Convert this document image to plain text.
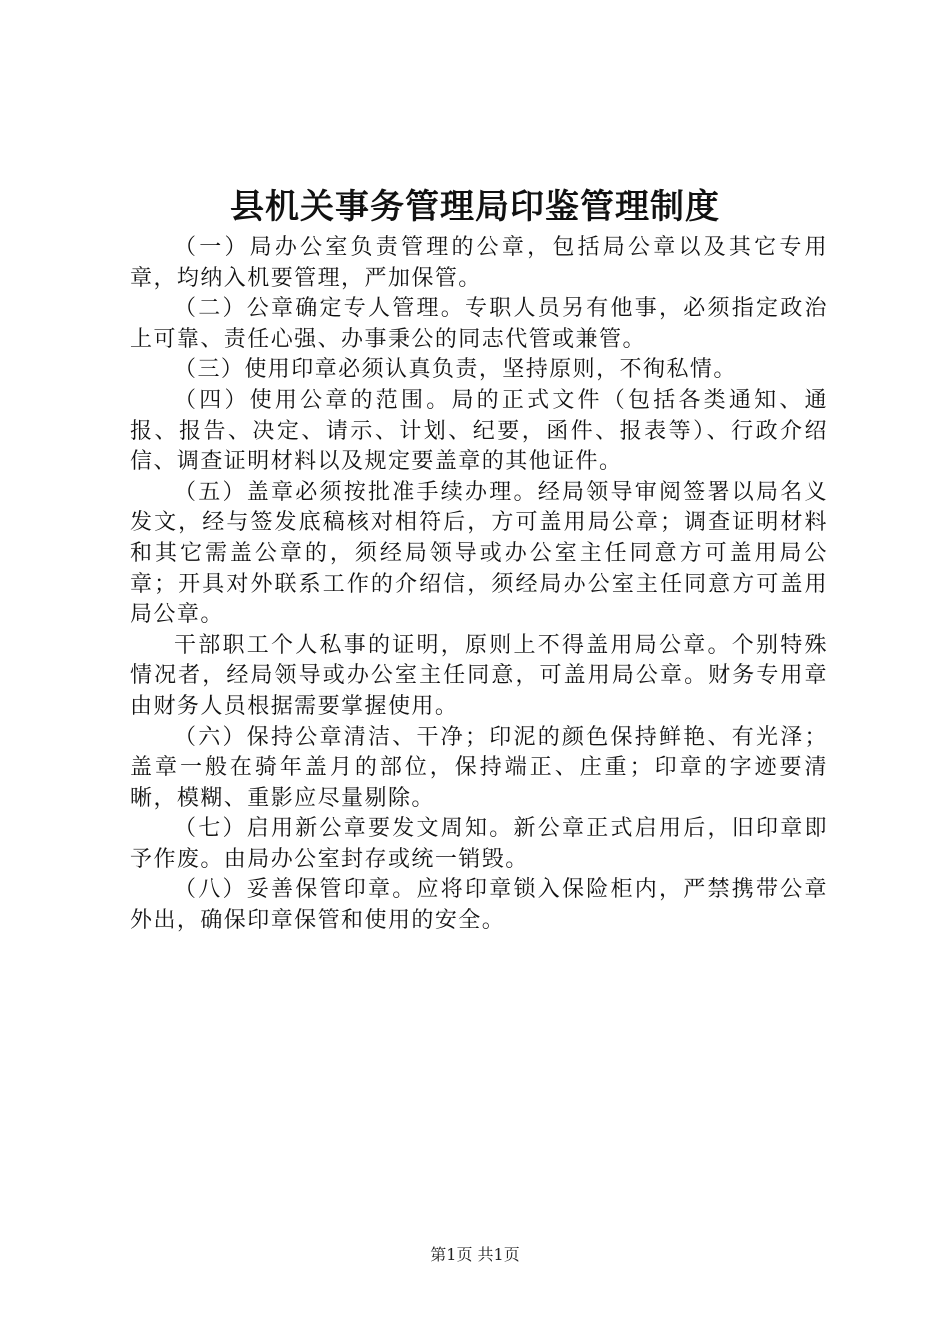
县机关事务管理局印鉴管理制度

（一）局办公室负责管理的公章，包括局公章以及其它专用章，均纳入机要管理，严加保管。

（二）公章确定专人管理。专职人员另有他事，必须指定政治上可靠、责任心强、办事秉公的同志代管或兼管。

（三）使用印章必须认真负责，坚持原则，不徇私情。

（四）使用公章的范围。局的正式文件（包括各类通知、通报、报告、决定、请示、计划、纪要，函件、报表等）、行政介绍信、调查证明材料以及规定要盖章的其他证件。

（五）盖章必须按批准手续办理。经局领导审阅签署以局名义发文，经与签发底稿核对相符后，方可盖用局公章；调查证明材料和其它需盖公章的，须经局领导或办公室主任同意方可盖用局公章；开具对外联系工作的介绍信，须经局办公室主任同意方可盖用局公章。

干部职工个人私事的证明，原则上不得盖用局公章。个别特殊情况者，经局领导或办公室主任同意，可盖用局公章。财务专用章由财务人员根据需要掌握使用。

（六）保持公章清洁、干净；印泥的颜色保持鲜艳、有光泽；盖章一般在骑年盖月的部位，保持端正、庄重；印章的字迹要清晰，模糊、重影应尽量剔除。

（七）启用新公章要发文周知。新公章正式启用后，旧印章即予作废。由局办公室封存或统一销毁。

（八）妥善保管印章。应将印章锁入保险柜内，严禁携带公章外出，确保印章保管和使用的安全。

第1页 共1页
